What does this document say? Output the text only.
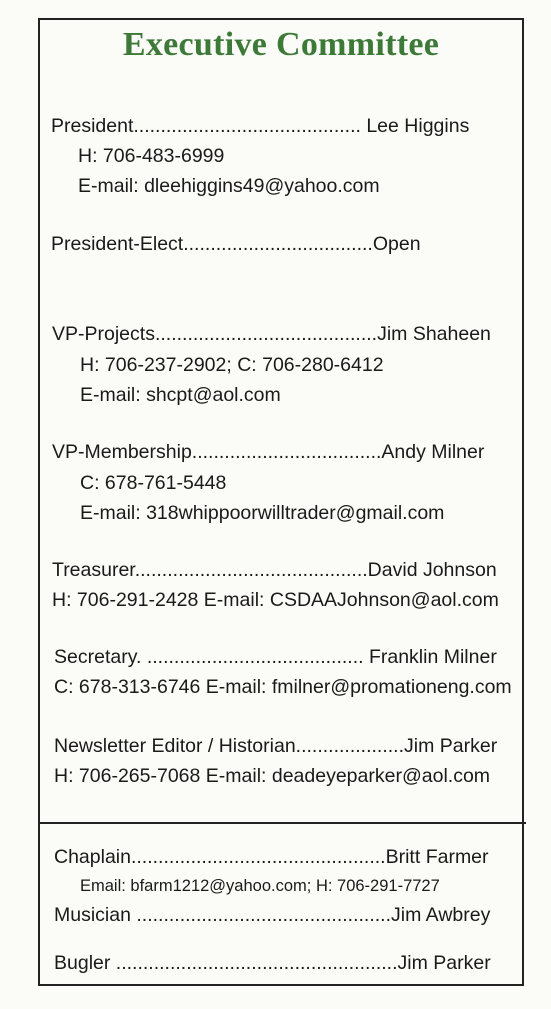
Executive Committee
President.......................................... Lee Higgins
H: 706-483-6999
E-mail: dleehiggins49@yahoo.com
President-Elect...................................Open
VP-Projects.........................................Jim Shaheen
H: 706-237-2902; C: 706-280-6412
E-mail: shcpt@aol.com
VP-Membership...................................Andy Milner
C: 678-761-5448
E-mail: 318whippoorwilltrader@gmail.com
Treasurer...........................................David Johnson
H: 706-291-2428 E-mail: CSDAAJohnson@aol.com
Secretary. ........................................ Franklin Milner
C: 678-313-6746 E-mail: fmilner@promationeng.com
Newsletter Editor / Historian....................Jim Parker
H: 706-265-7068 E-mail: deadeyeparker@aol.com
Chaplain...............................................Britt Farmer
Email: bfarm1212@yahoo.com; H: 706-291-7727
Musician ...............................................Jim Awbrey
Bugler ....................................................Jim Parker
